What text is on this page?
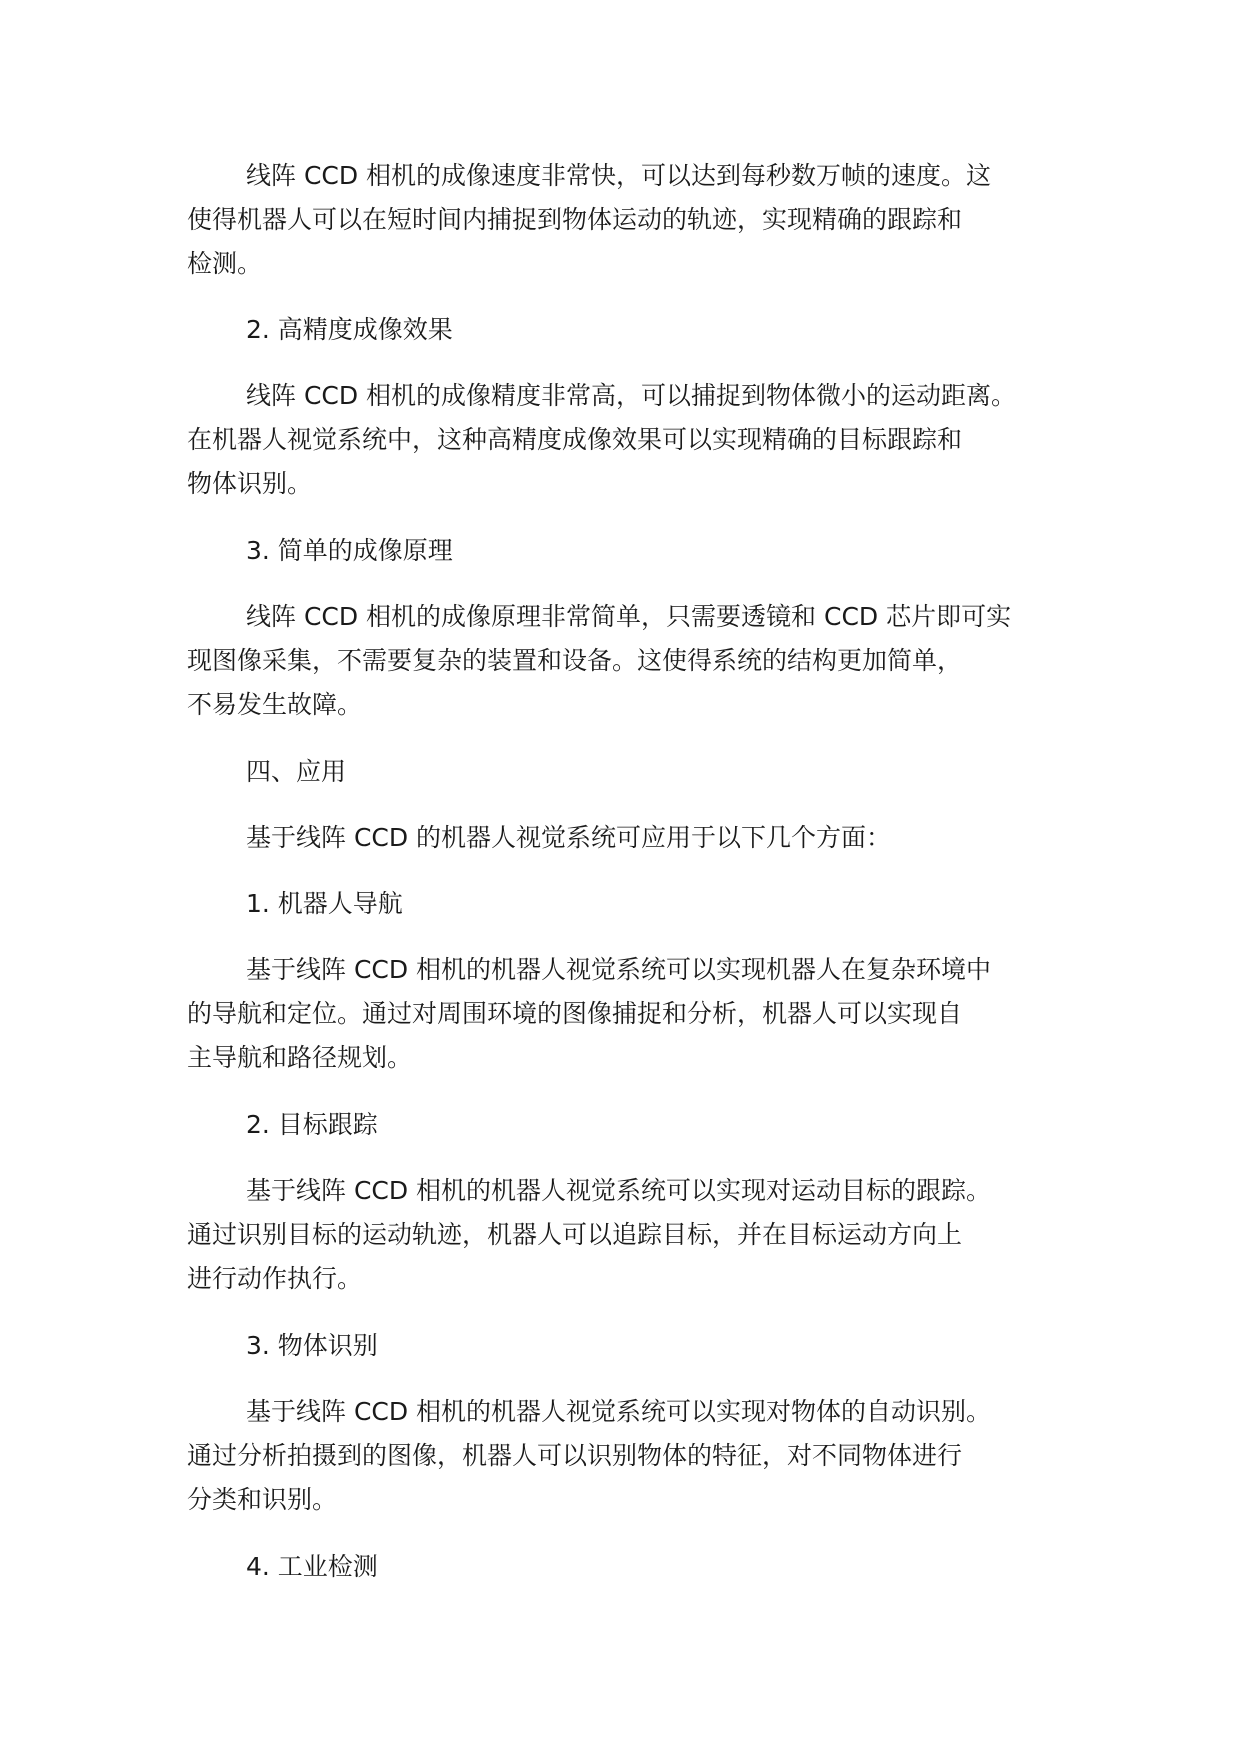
线阵 CCD 相机的成像速度非常快，可以达到每秒数万帧的速度。这
使得机器人可以在短时间内捕捉到物体运动的轨迹，实现精确的跟踪和
检测。
2. 高精度成像效果
线阵 CCD 相机的成像精度非常高，可以捕捉到物体微小的运动距离。
在机器人视觉系统中，这种高精度成像效果可以实现精确的目标跟踪和
物体识别。
3. 简单的成像原理
线阵 CCD 相机的成像原理非常简单，只需要透镜和 CCD 芯片即可实
现图像采集，不需要复杂的装置和设备。这使得系统的结构更加简单，
不易发生故障。
四、应用
基于线阵 CCD 的机器人视觉系统可应用于以下几个方面：
1. 机器人导航
基于线阵 CCD 相机的机器人视觉系统可以实现机器人在复杂环境中
的导航和定位。通过对周围环境的图像捕捉和分析，机器人可以实现自
主导航和路径规划。
2. 目标跟踪
基于线阵 CCD 相机的机器人视觉系统可以实现对运动目标的跟踪。
通过识别目标的运动轨迹，机器人可以追踪目标，并在目标运动方向上
进行动作执行。
3. 物体识别
基于线阵 CCD 相机的机器人视觉系统可以实现对物体的自动识别。
通过分析拍摄到的图像，机器人可以识别物体的特征，对不同物体进行
分类和识别。
4. 工业检测
